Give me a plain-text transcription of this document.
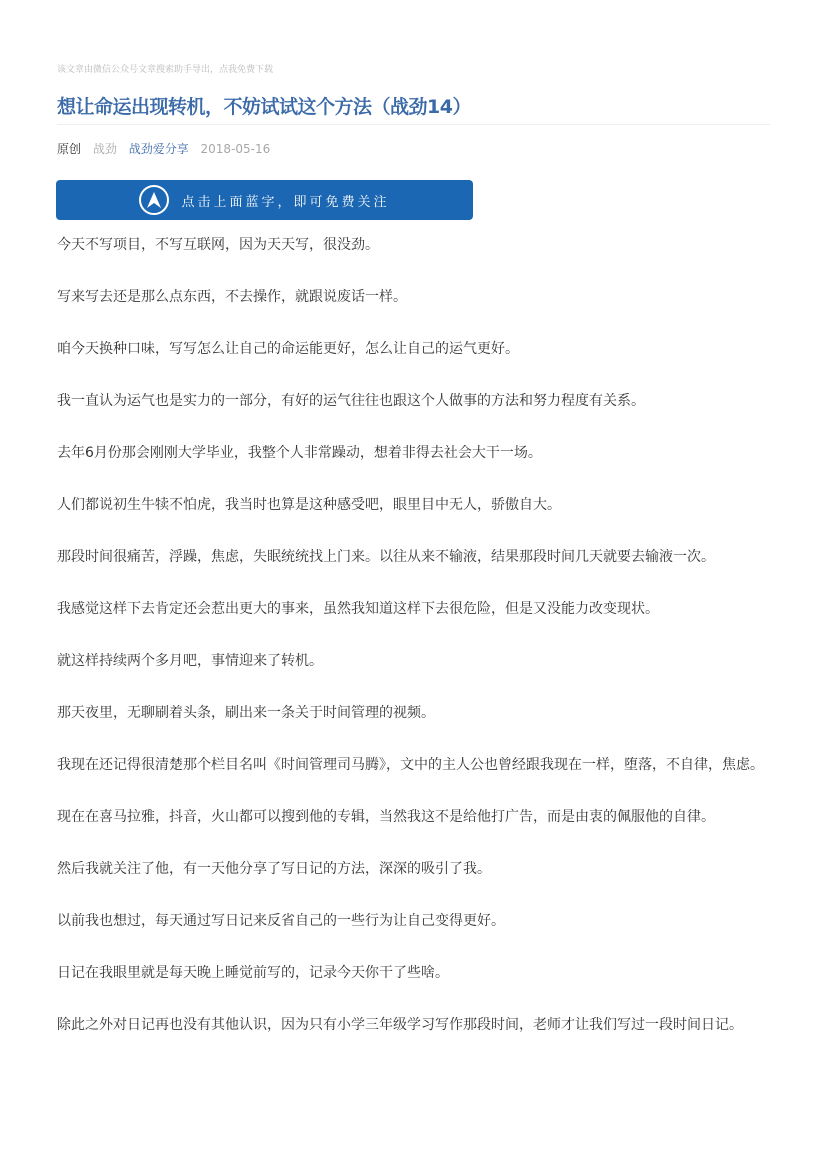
该文章由微信公众号文章搜索助手导出，点我免费下载
想让命运出现转机，不妨试试这个方法（战劲14）
原创 战劲 战劲爱分享 2018-05-16
点击上面蓝字，即可免费关注

今天不写项目，不写互联网，因为天天写，很没劲。

写来写去还是那么点东西，不去操作，就跟说废话一样。

咱今天换种口味，写写怎么让自己的命运能更好，怎么让自己的运气更好。

我一直认为运气也是实力的一部分，有好的运气往往也跟这个人做事的方法和努力程度有关系。

去年6月份那会刚刚大学毕业，我整个人非常躁动，想着非得去社会大干一场。

人们都说初生牛犊不怕虎，我当时也算是这种感受吧，眼里目中无人，骄傲自大。

那段时间很痛苦，浮躁，焦虑，失眠统统找上门来。以往从来不输液，结果那段时间几天就要去输液一次。

我感觉这样下去肯定还会惹出更大的事来，虽然我知道这样下去很危险，但是又没能力改变现状。

就这样持续两个多月吧，事情迎来了转机。

那天夜里，无聊刷着头条，刷出来一条关于时间管理的视频。

我现在还记得很清楚那个栏目名叫《时间管理司马腾》，文中的主人公也曾经跟我现在一样，堕落，不自律，焦虑。

现在在喜马拉雅，抖音，火山都可以搜到他的专辑，当然我这不是给他打广告，而是由衷的佩服他的自律。

然后我就关注了他，有一天他分享了写日记的方法，深深的吸引了我。

以前我也想过，每天通过写日记来反省自己的一些行为让自己变得更好。

日记在我眼里就是每天晚上睡觉前写的，记录今天你干了些啥。

除此之外对日记再也没有其他认识，因为只有小学三年级学习写作那段时间，老师才让我们写过一段时间日记。
